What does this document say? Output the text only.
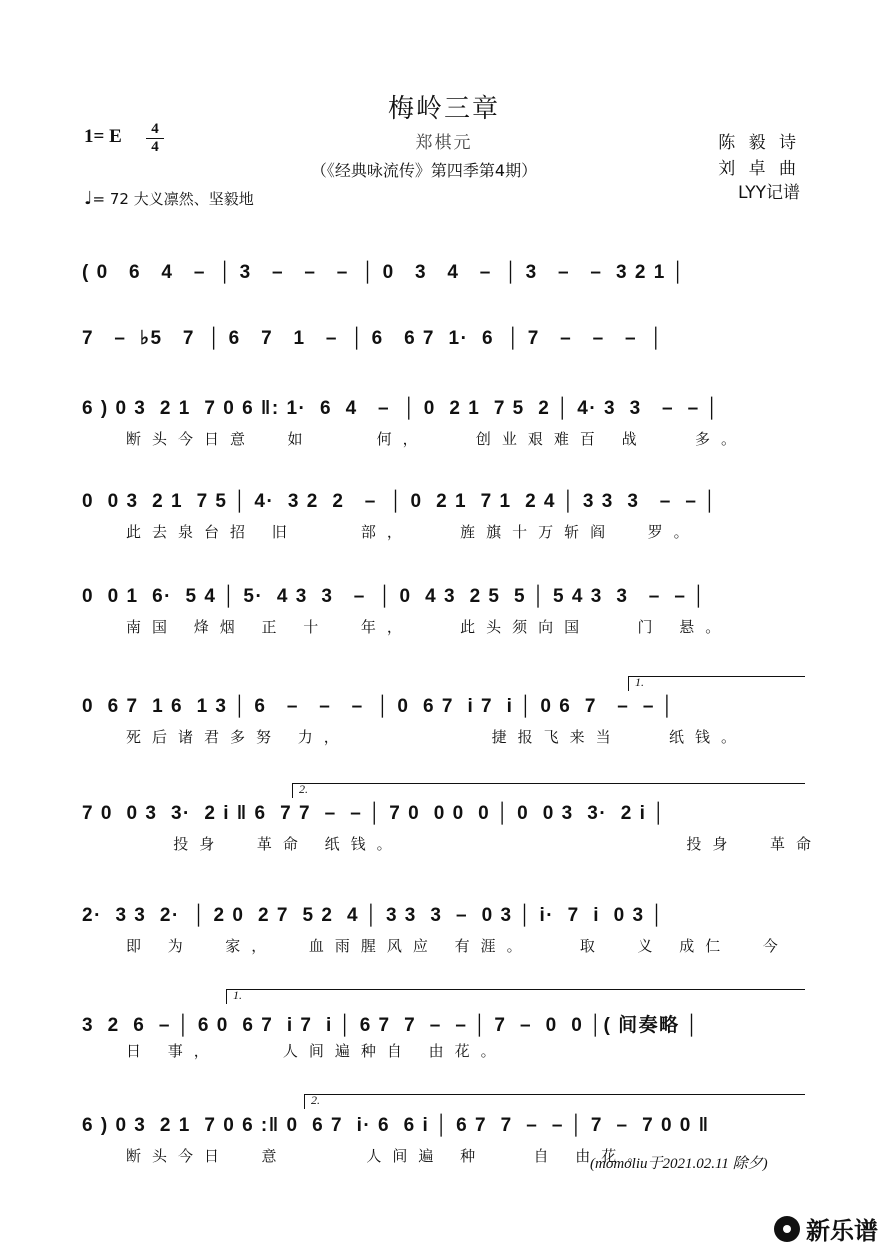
梅岭三章
1= E	4
4
♩= 72 大义凛然、坚毅地
郑棋元
（《经典咏流传》第四季第4期）
陈 毅 诗
刘 卓 曲
LYY记谱
( 0   6   4   –  │ 3   –   –   –  │ 0   3   4   –  │ 3   –   –  3 2 1 │
7   –  ♭5   7  │ 6   7   1   –  │ 6   6 7  1·  6  │ 7   –   –   –  │
6 ) 0 3  2 1  7 0 6 ‖: 1·  6  4   –  │ 0  2 1  7 5  2 │ 4· 3  3   –  – │
断头今日意  如    何，   创业艰难百 战   多。
0  0 3  2 1  7 5 │ 4·  3 2  2   –  │ 0  2 1  7 1  2 4 │ 3 3  3   –  – │
此去泉台招 旧    部，   旌旗十万斩阎  罗。
0  0 1  6·  5 4 │ 5·  4 3  3   –  │ 0  4 3  2 5  5 │ 5 4 3  3   –  – │
南国 烽烟 正 十  年，   此头须向国   门 悬。
0  6 7  1 6  1 3 │ 6   –   –   –  │ 0  6 7  i 7  i │ 0 6  7   –  – │
死后诸君多努 力，         捷报飞来当   纸钱。
7 0  0 3  3·  2 i ‖ 6  7 7  –  – │ 7 0  0 0  0 │ 0  0 3  3·  2 i │
投身  革命 纸钱。                  投身  革命
2·  3 3  2·  │ 2 0  2 7  5 2  4 │ 3 3  3  –  0 3 │ i·  7  i  0 3 │
即 为  家，  血雨腥风应 有涯。   取  义 成仁  今
3  2  6  – │ 6 0  6 7  i 7  i │ 6 7  7  –  – │ 7  –  0  0 │( 间奏略 │
日 事，    人间遍种自 由花。
6 ) 0 3  2 1  7 0 6 :‖ 0  6 7  i· 6  6 i │ 6 7  7  –  – │ 7  –  7 0 0 ‖
断头今日  意     人间遍 种   自 由花。
1.
2.
1.
2.
(momoliu于2021.02.11 除夕)
新乐谱
